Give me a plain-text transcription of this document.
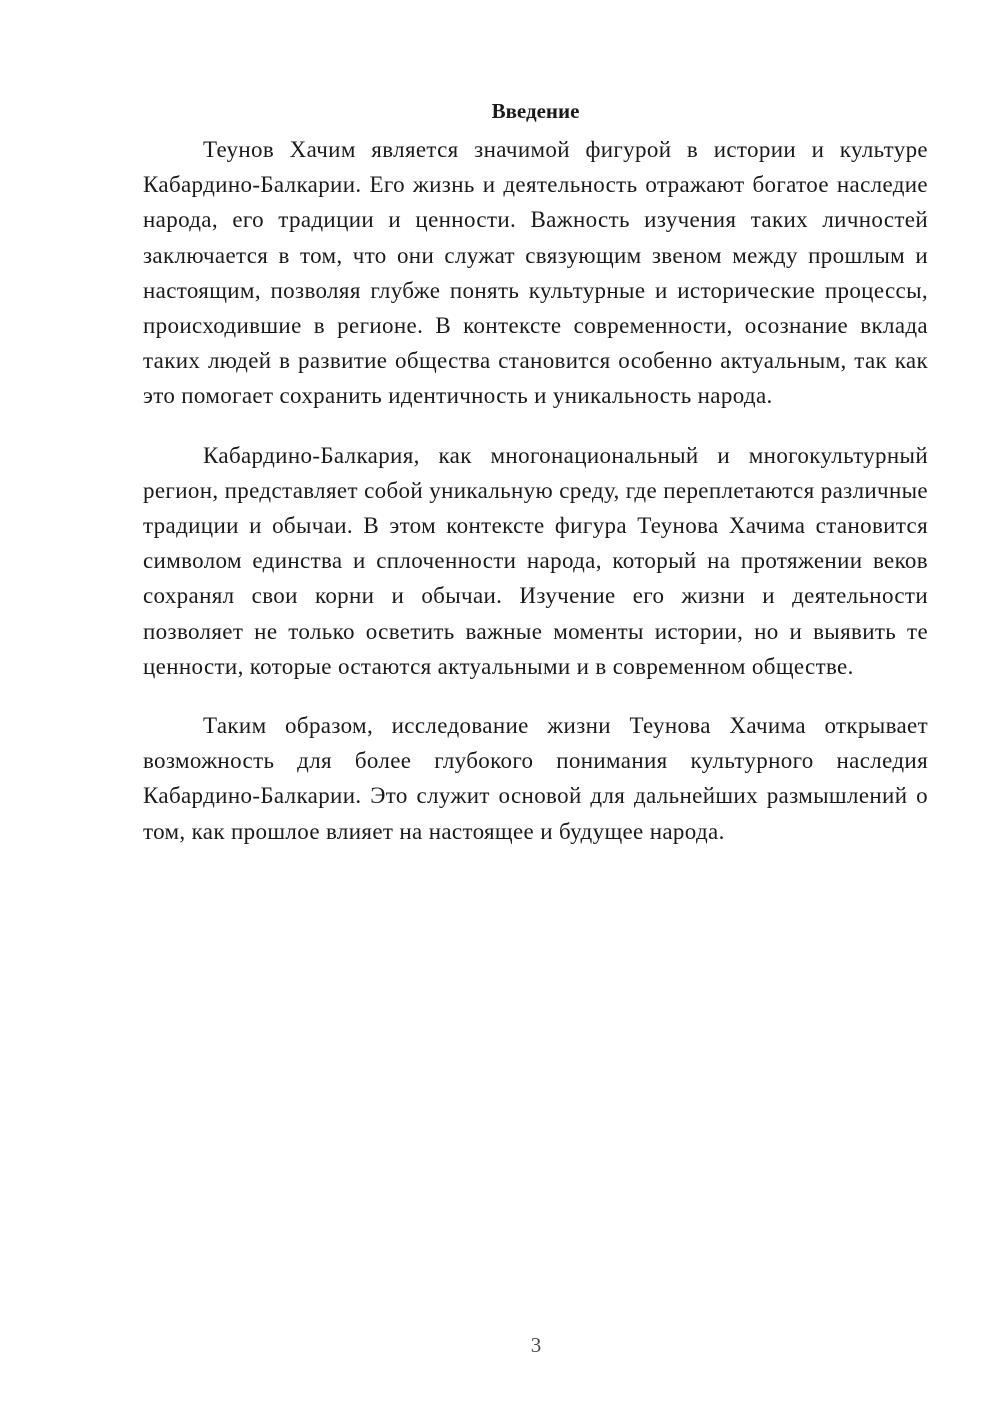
Введение

Теунов Хачим является значимой фигурой в истории и культуре Кабардино-Балкарии. Его жизнь и деятельность отражают богатое наследие народа, его традиции и ценности. Важность изучения таких личностей заключается в том, что они служат связующим звеном между прошлым и настоящим, позволяя глубже понять культурные и исторические процессы, происходившие в регионе. В контексте современности, осознание вклада таких людей в развитие общества становится особенно актуальным, так как это помогает сохранить идентичность и уникальность народа.

Кабардино-Балкария, как многонациональный и многокультурный регион, представляет собой уникальную среду, где переплетаются различные традиции и обычаи. В этом контексте фигура Теунова Хачима становится символом единства и сплоченности народа, который на протяжении веков сохранял свои корни и обычаи. Изучение его жизни и деятельности позволяет не только осветить важные моменты истории, но и выявить те ценности, которые остаются актуальными и в современном обществе.

Таким образом, исследование жизни Теунова Хачима открывает возможность для более глубокого понимания культурного наследия Кабардино-Балкарии. Это служит основой для дальнейших размышлений о том, как прошлое влияет на настоящее и будущее народа.

3
